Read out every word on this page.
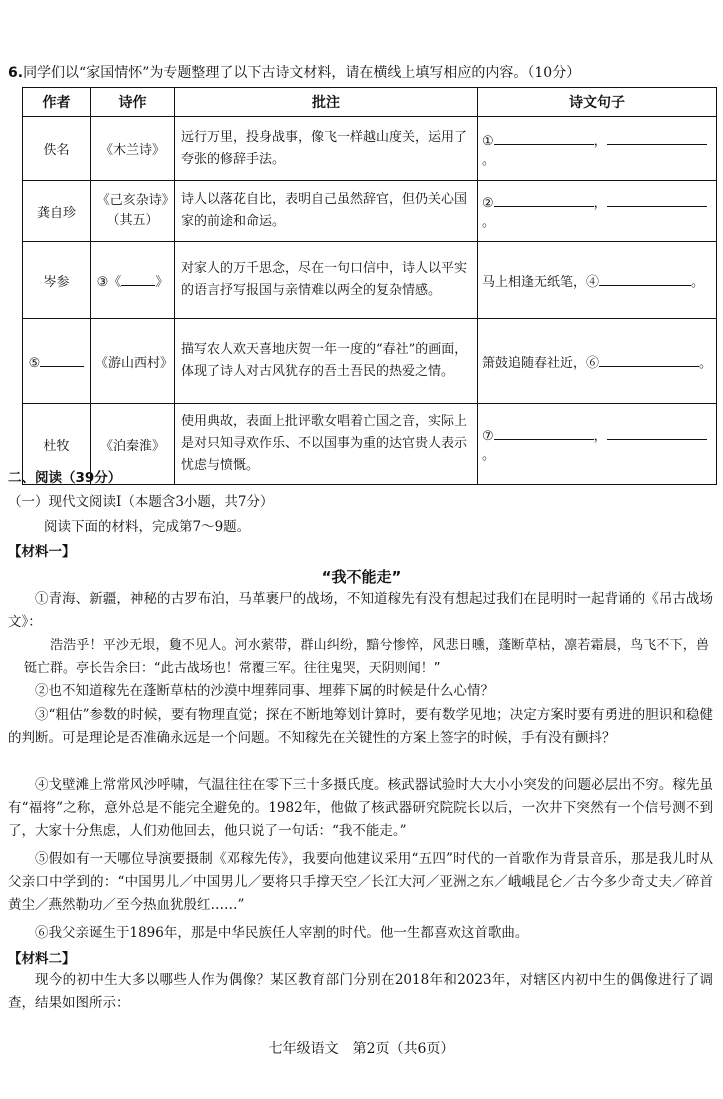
6.同学们以“家国情怀”为专题整理了以下古诗文材料，请在横线上填写相应的内容。（10分）
作者	诗作	批注	诗文句子
佚名	《木兰诗》	远行万里，投身战事，像飞一样越山度关，运用了夸张的修辞手法。	① ，。
龚自珍	《己亥杂诗》（其五）	诗人以落花自比，表明自己虽然辞官，但仍关心国家的前途和命运。	② ，。
岑参	③《 》	对家人的万千思念，尽在一句口信中，诗人以平实的语言抒写报国与亲情难以两全的复杂情感。	马上相逢无纸笔，④ 。
⑤	《游山西村》	描写农人欢天喜地庆贺一年一度的“春社”的画面，体现了诗人对古风犹存的吾土吾民的热爱之情。	箫鼓追随春社近，⑥ 。
杜牧	《泊秦淮》	使用典故，表面上批评歌女唱着亡国之音，实际上是对只知寻欢作乐、不以国事为重的达官贵人表示忧虑与愤慨。	⑦ ，。
二、阅读（39分）
（一）现代文阅读Ⅰ（本题含3小题，共7分）
阅读下面的材料，完成第7～9题。
【材料一】
“我不能走”
①青海、新疆，神秘的古罗布泊，马革裹尸的战场，不知道稼先有没有想起过我们在昆明时一起背诵的《吊古战场文》：
浩浩乎！平沙无垠，敻不见人。河水萦带，群山纠纷，黯兮惨悴，风悲日曛，蓬断草枯，凛若霜晨，鸟飞不下，兽铤亡群。亭长告余曰：“此古战场也！常覆三军。往往鬼哭，天阴则闻！”
②也不知道稼先在蓬断草枯的沙漠中埋葬同事、埋葬下属的时候是什么心情？
③“粗估”参数的时候，要有物理直觉；探在不断地筹划计算时，要有数学见地；决定方案时要有勇进的胆识和稳健的判断。可是理论是否准确永远是一个问题。不知稼先在关键性的方案上签字的时候，手有没有颤抖？
④戈壁滩上常常风沙呼啸，气温往往在零下三十多摄氏度。核武器试验时大大小小突发的问题必层出不穷。稼先虽有“福将”之称，意外总是不能完全避免的。1982年，他做了核武器研究院院长以后，一次井下突然有一个信号测不到了，大家十分焦虑，人们劝他回去，他只说了一句话：“我不能走。”
⑤假如有一天哪位导演要摄制《邓稼先传》，我要向他建议采用“五四”时代的一首歌作为背景音乐，那是我儿时从父亲口中学到的：“中国男儿／中国男儿／要将只手撑天空／长江大河／亚洲之东／峨峨昆仑／古今多少奇丈夫／碎首黄尘／燕然勒功／至今热血犹殷红……”
⑥我父亲诞生于1896年，那是中华民族任人宰割的时代。他一生都喜欢这首歌曲。
【材料二】
现今的初中生大多以哪些人作为偶像？某区教育部门分别在2018年和2023年，对辖区内初中生的偶像进行了调查，结果如图所示：
七年级语文　第2页（共6页）
